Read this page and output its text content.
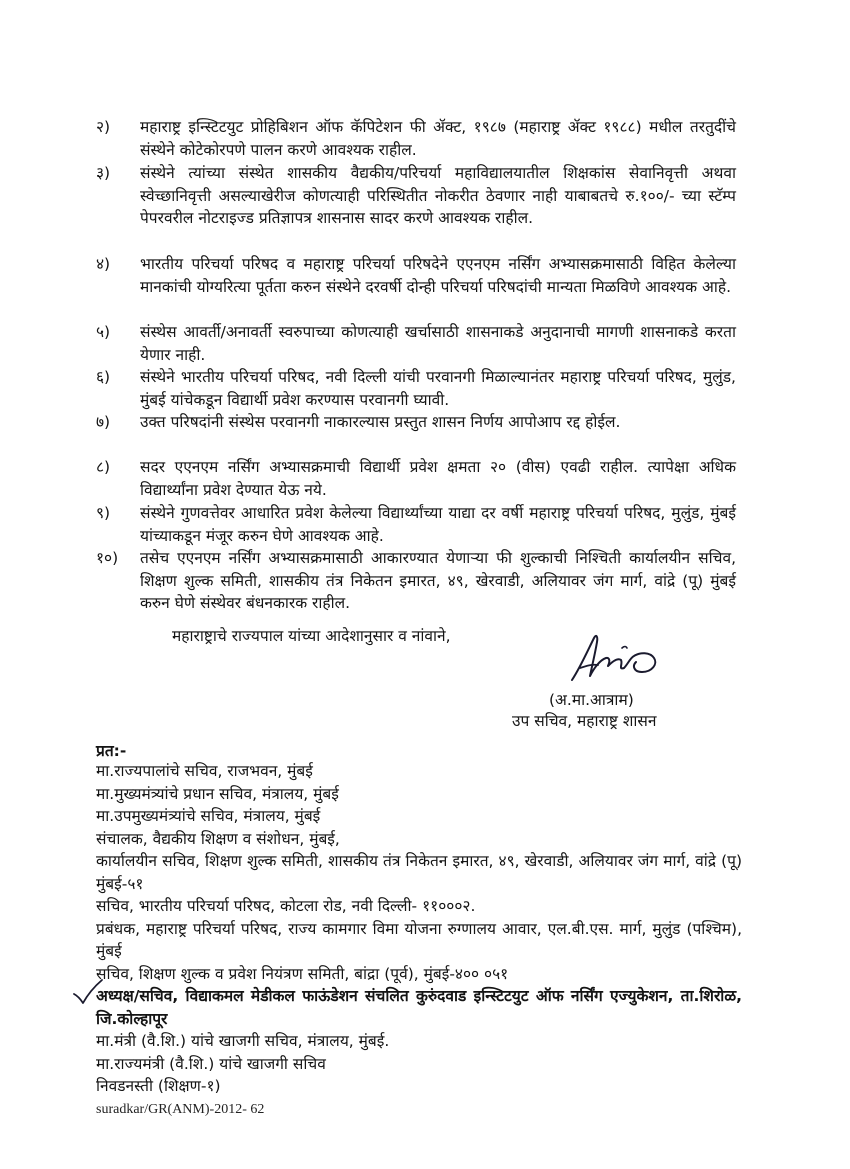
२)	महाराष्ट्र इन्स्टिटयुट प्रोहिबिशन ऑफ कॅपिटेशन फी ॲक्ट, १९८७ (महाराष्ट्र ॲक्ट १९८८) मधील तरतुदींचे संस्थेने कोटेकोरपणे पालन करणे आवश्यक राहील.
३)	संस्थेने त्यांच्या संस्थेत शासकीय वैद्यकीय/परिचर्या महाविद्यालयातील शिक्षकांस सेवानिवृत्ती अथवा स्वेच्छानिवृत्ती असल्याखेरीज कोणत्याही परिस्थितीत नोकरीत ठेवणार नाही याबाबतचे रु.१००/- च्या स्टॅम्प पेपरवरील नोटराइज्ड प्रतिज्ञापत्र शासनास सादर करणे आवश्यक राहील.
४)	भारतीय परिचर्या परिषद व महाराष्ट्र परिचर्या परिषदेने एएनएम नर्सिंग अभ्यासक्रमासाठी विहित केलेल्या मानकांची योग्यरित्या पूर्तता करुन संस्थेने दरवर्षी दोन्ही परिचर्या परिषदांची मान्यता मिळविणे आवश्यक आहे.
५)	संस्थेस आवर्ती/अनावर्ती स्वरुपाच्या कोणत्याही खर्चासाठी शासनाकडे अनुदानाची मागणी शासनाकडे करता येणार नाही.
६)	संस्थेने भारतीय परिचर्या परिषद, नवी दिल्ली यांची परवानगी मिळाल्यानंतर महाराष्ट्र परिचर्या परिषद, मुलुंड, मुंबई यांचेकडून विद्यार्थी प्रवेश करण्यास परवानगी घ्यावी.
७)	उक्त परिषदांनी संस्थेस परवानगी नाकारल्यास प्रस्तुत शासन निर्णय आपोआप रद्द होईल.
८)	सदर एएनएम नर्सिंग अभ्यासक्रमाची विद्यार्थी प्रवेश क्षमता २० (वीस) एवढी राहील. त्यापेक्षा अधिक विद्यार्थ्यांना प्रवेश देण्यात येऊ नये.
९)	संस्थेने गुणवत्तेवर आधारित प्रवेश केलेल्या विद्यार्थ्यांच्या याद्या दर वर्षी महाराष्ट्र परिचर्या परिषद, मुलुंड, मुंबई यांच्याकडून मंजूर करुन घेणे आवश्यक आहे.
१०)	तसेच एएनएम नर्सिंग अभ्यासक्रमासाठी आकारण्यात येणाऱ्या फी शुल्काची निश्चिती कार्यालयीन सचिव, शिक्षण शुल्क समिती, शासकीय तंत्र निकेतन इमारत, ४९, खेरवाडी, अलियावर जंग मार्ग, वांद्रे (पू) मुंबई करुन घेणे संस्थेवर बंधनकारक राहील.
महाराष्ट्राचे राज्यपाल यांच्या आदेशानुसार व नांवाने,
(अ.मा.आत्राम)
उप सचिव, महाराष्ट्र शासन
प्रत:-
मा.राज्यपालांचे सचिव, राजभवन, मुंबई
मा.मुख्यमंत्र्यांचे प्रधान सचिव, मंत्रालय, मुंबई
मा.उपमुख्यमंत्र्यांचे सचिव, मंत्रालय, मुंबई
संचालक, वैद्यकीय शिक्षण व संशोधन, मुंबई,
कार्यालयीन सचिव, शिक्षण शुल्क समिती, शासकीय तंत्र निकेतन इमारत, ४९, खेरवाडी, अलियावर जंग मार्ग, वांद्रे (पू) मुंबई-५१
सचिव, भारतीय परिचर्या परिषद, कोटला रोड, नवी दिल्ली- ११०००२.
प्रबंधक, महाराष्ट्र परिचर्या परिषद, राज्य कामगार विमा योजना रुग्णालय आवार, एल.बी.एस. मार्ग, मुलुंड (पश्चिम), मुंबई
सचिव, शिक्षण शुल्क व प्रवेश नियंत्रण समिती, बांद्रा (पूर्व), मुंबई-४०० ०५१
अध्यक्ष/सचिव, विद्याकमल मेडीकल फाऊंडेशन संचलित कुरुंदवाड इन्स्टिटयुट ऑफ नर्सिंग एज्युकेशन, ता.शिरोळ, जि.कोल्हापूर
मा.मंत्री (वै.शि.) यांचे खाजगी सचिव, मंत्रालय, मुंबई.
मा.राज्यमंत्री (वै.शि.) यांचे खाजगी सचिव
निवडनस्ती (शिक्षण-१)
suradkar/GR(ANM)-2012- 62
